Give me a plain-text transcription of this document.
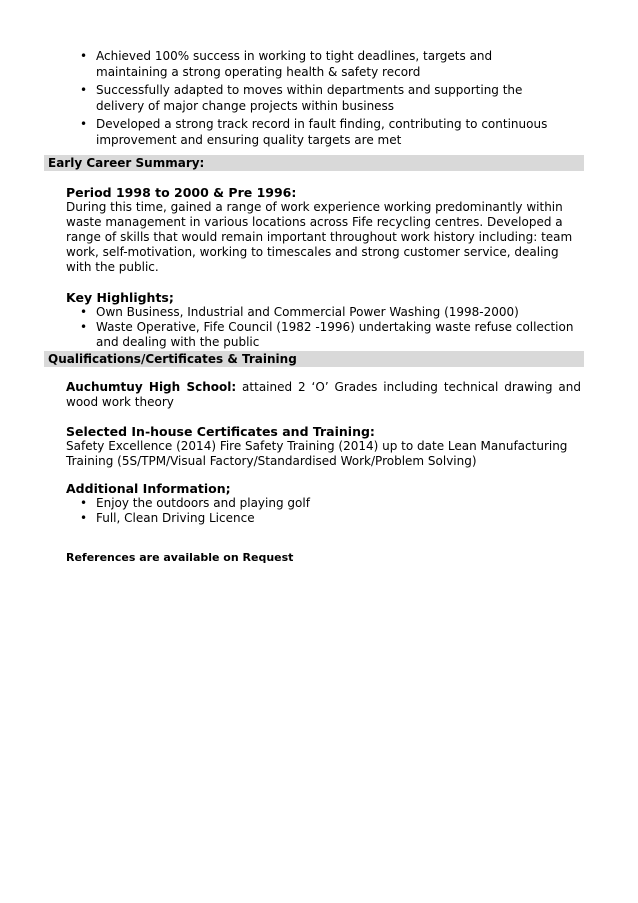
• Achieved 100% success in working to tight deadlines, targets and maintaining a strong operating health & safety record
• Successfully adapted to moves within departments and supporting the delivery of major change projects within business
• Developed a strong track record in fault finding, contributing to continuous improvement and ensuring quality targets are met
Early Career Summary:
Period 1998 to 2000 & Pre 1996:

During this time, gained a range of work experience working predominantly within waste management in various locations across Fife recycling centres. Developed a range of skills that would remain important throughout work history including: team work, self-motivation, working to timescales and strong customer service, dealing with the public.

Key Highlights;
• Own Business, Industrial and Commercial Power Washing (1998-2000)
• Waste Operative, Fife Council (1982 -1996) undertaking waste refuse collection and dealing with the public
Qualifications/Certificates & Training

Auchumtuy High School: attained 2 ‘O’ Grades including technical drawing and wood work theory

Selected In-house Certificates and Training:

Safety Excellence (2014) Fire Safety Training (2014) up to date Lean Manufacturing Training (5S/TPM/Visual Factory/Standardised Work/Problem Solving)

Additional Information;
• Enjoy the outdoors and playing golf
• Full, Clean Driving Licence
References are available on Request
